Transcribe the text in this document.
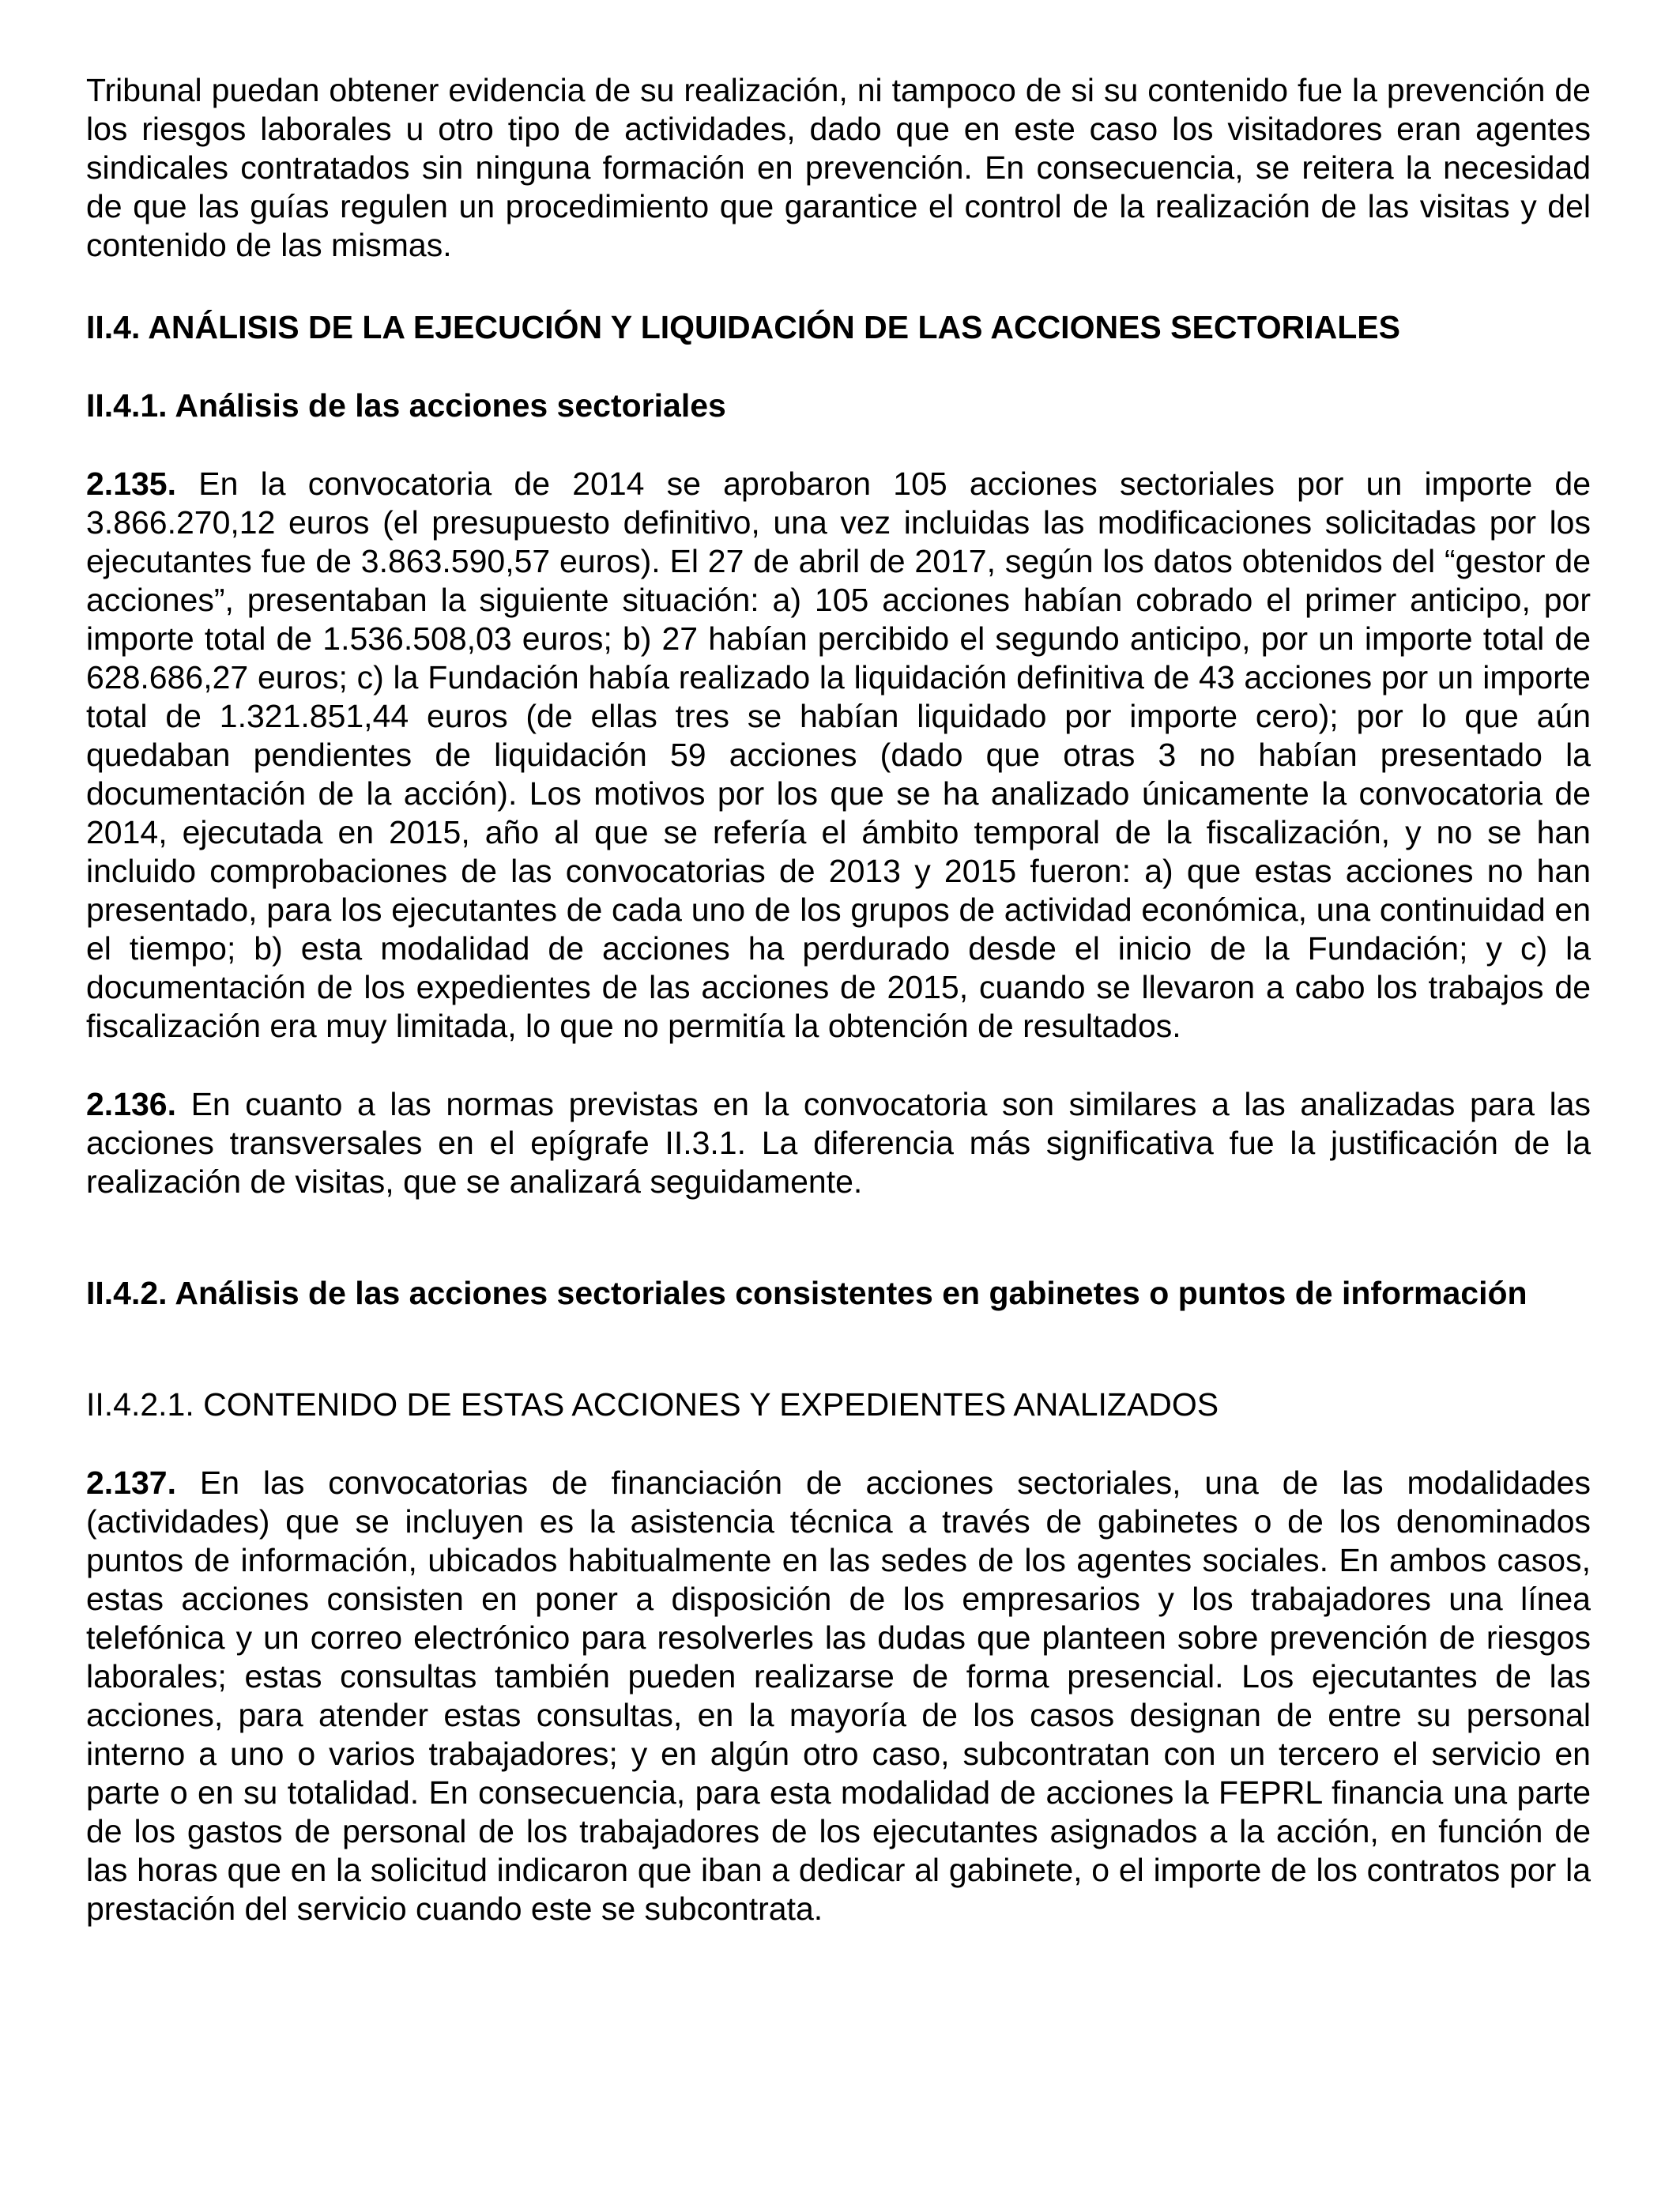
Tribunal puedan obtener evidencia de su realización, ni tampoco de si su contenido fue la prevención de los riesgos laborales u otro tipo de actividades, dado que en este caso los visitadores eran agentes sindicales contratados sin ninguna formación en prevención. En consecuencia, se reitera la necesidad de que las guías regulen un procedimiento que garantice el control de la realización de las visitas y del contenido de las mismas.

II.4. ANÁLISIS DE LA EJECUCIÓN Y LIQUIDACIÓN DE LAS ACCIONES SECTORIALES

II.4.1. Análisis de las acciones sectoriales

2.135. En la convocatoria de 2014 se aprobaron 105 acciones sectoriales por un importe de 3.866.270,12 euros (el presupuesto definitivo, una vez incluidas las modificaciones solicitadas por los ejecutantes fue de 3.863.590,57 euros). El 27 de abril de 2017, según los datos obtenidos del “gestor de acciones”, presentaban la siguiente situación: a) 105 acciones habían cobrado el primer anticipo, por importe total de 1.536.508,03 euros; b) 27 habían percibido el segundo anticipo, por un importe total de 628.686,27 euros; c) la Fundación había realizado la liquidación definitiva de 43 acciones por un importe total de 1.321.851,44 euros (de ellas tres se habían liquidado por importe cero); por lo que aún quedaban pendientes de liquidación 59 acciones (dado que otras 3 no habían presentado la documentación de la acción). Los motivos por los que se ha analizado únicamente la convocatoria de 2014, ejecutada en 2015, año al que se refería el ámbito temporal de la fiscalización, y no se han incluido comprobaciones de las convocatorias de 2013 y 2015 fueron: a) que estas acciones no han presentado, para los ejecutantes de cada uno de los grupos de actividad económica, una continuidad en el tiempo; b) esta modalidad de acciones ha perdurado desde el inicio de la Fundación; y c) la documentación de los expedientes de las acciones de 2015, cuando se llevaron a cabo los trabajos de fiscalización era muy limitada, lo que no permitía la obtención de resultados.

2.136. En cuanto a las normas previstas en la convocatoria son similares a las analizadas para las acciones transversales en el epígrafe II.3.1. La diferencia más significativa fue la justificación de la realización de visitas, que se analizará seguidamente.

II.4.2. Análisis de las acciones sectoriales consistentes en gabinetes o puntos de información

II.4.2.1. CONTENIDO DE ESTAS ACCIONES Y EXPEDIENTES ANALIZADOS

2.137. En las convocatorias de financiación de acciones sectoriales, una de las modalidades (actividades) que se incluyen es la asistencia técnica a través de gabinetes o de los denominados puntos de información, ubicados habitualmente en las sedes de los agentes sociales. En ambos casos, estas acciones consisten en poner a disposición de los empresarios y los trabajadores una línea telefónica y un correo electrónico para resolverles las dudas que planteen sobre prevención de riesgos laborales; estas consultas también pueden realizarse de forma presencial. Los ejecutantes de las acciones, para atender estas consultas, en la mayoría de los casos designan de entre su personal interno a uno o varios trabajadores; y en algún otro caso, subcontratan con un tercero el servicio en parte o en su totalidad. En consecuencia, para esta modalidad de acciones la FEPRL financia una parte de los gastos de personal de los trabajadores de los ejecutantes asignados a la acción, en función de las horas que en la solicitud indicaron que iban a dedicar al gabinete, o el importe de los contratos por la prestación del servicio cuando este se subcontrata.
